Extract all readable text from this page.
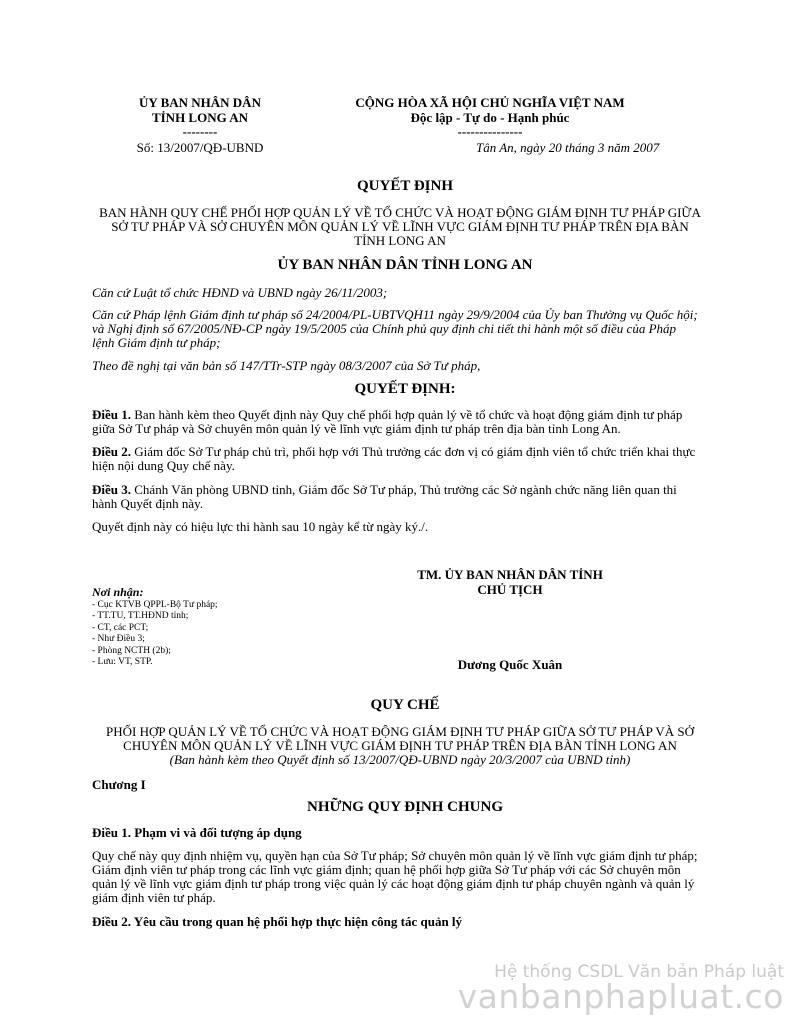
ỦY BAN NHÂN DÂN
TỈNH LONG AN
--------
Số: 13/2007/QĐ-UBND
CỘNG HÒA XÃ HỘI CHỦ NGHĨA VIỆT NAM
Độc lập - Tự do - Hạnh phúc
---------------
Tân An, ngày 20 tháng 3 năm 2007
QUYẾT ĐỊNH
BAN HÀNH QUY CHẾ PHỐI HỢP QUẢN LÝ VỀ TỔ CHỨC VÀ HOẠT ĐỘNG GIÁM ĐỊNH TƯ PHÁP GIỮA
SỞ TƯ PHÁP VÀ SỞ CHUYÊN MÔN QUẢN LÝ VỀ LĨNH VỰC GIÁM ĐỊNH TƯ PHÁP TRÊN ĐỊA BÀN
TỈNH LONG AN
ỦY BAN NHÂN DÂN TỈNH LONG AN
Căn cứ Luật tổ chức HĐND và UBND ngày 26/11/2003;
Căn cứ Pháp lệnh Giám định tư pháp số 24/2004/PL-UBTVQH11 ngày 29/9/2004 của Ủy ban Thường vụ Quốc hội;
và Nghị định số 67/2005/NĐ-CP ngày 19/5/2005 của Chính phủ quy định chi tiết thi hành một số điều của Pháp
lệnh Giám định tư pháp;
Theo đề nghị tại văn bản số 147/TTr-STP ngày 08/3/2007 của Sở Tư pháp,
QUYẾT ĐỊNH:
Điều 1. Ban hành kèm theo Quyết định này Quy chế phối hợp quản lý về tổ chức và hoạt động giám định tư pháp
giữa Sở Tư pháp và Sở chuyên môn quản lý về lĩnh vực giám định tư pháp trên địa bàn tỉnh Long An.
Điều 2. Giám đốc Sở Tư pháp chủ trì, phối hợp với Thủ trưởng các đơn vị có giám định viên tổ chức triển khai thực
hiện nội dung Quy chế này.
Điều 3. Chánh Văn phòng UBND tỉnh, Giám đốc Sở Tư pháp, Thủ trưởng các Sở ngành chức năng liên quan thi
hành Quyết định này.
Quyết định này có hiệu lực thi hành sau 10 ngày kể từ ngày ký./.
TM. ỦY BAN NHÂN DÂN TỈNH
CHỦ TỊCH
Dương Quốc Xuân
Nơi nhận:
- Cục KTVB QPPL-Bộ Tư pháp;
- TT.TU, TT.HĐND tỉnh;
- CT, các PCT;
- Như Điều 3;
- Phòng NCTH (2b);
- Lưu: VT, STP.
QUY CHẾ
PHỐI HỢP QUẢN LÝ VỀ TỔ CHỨC VÀ HOẠT ĐỘNG GIÁM ĐỊNH TƯ PHÁP GIỮA SỞ TƯ PHÁP VÀ SỞ
CHUYÊN MÔN QUẢN LÝ VỀ LĨNH VỰC GIÁM ĐỊNH TƯ PHÁP TRÊN ĐỊA BÀN TỈNH LONG AN
(Ban hành kèm theo Quyết định số 13/2007/QĐ-UBND ngày 20/3/2007 của UBND tỉnh)
Chương I
NHỮNG QUY ĐỊNH CHUNG
Điều 1. Phạm vi và đối tượng áp dụng
Quy chế này quy định nhiệm vụ, quyền hạn của Sở Tư pháp; Sở chuyên môn quản lý về lĩnh vực giám định tư pháp;
Giám định viên tư pháp trong các lĩnh vực giám định; quan hệ phối hợp giữa Sở Tư pháp với các Sở chuyên môn
quản lý về lĩnh vực giám định tư pháp trong việc quản lý các hoạt động giám định tư pháp chuyên ngành và quản lý
giám định viên tư pháp.
Điều 2. Yêu cầu trong quan hệ phối hợp thực hiện công tác quản lý
Hệ thống CSDL Văn bản Pháp luật
vanbanphapluat.co
